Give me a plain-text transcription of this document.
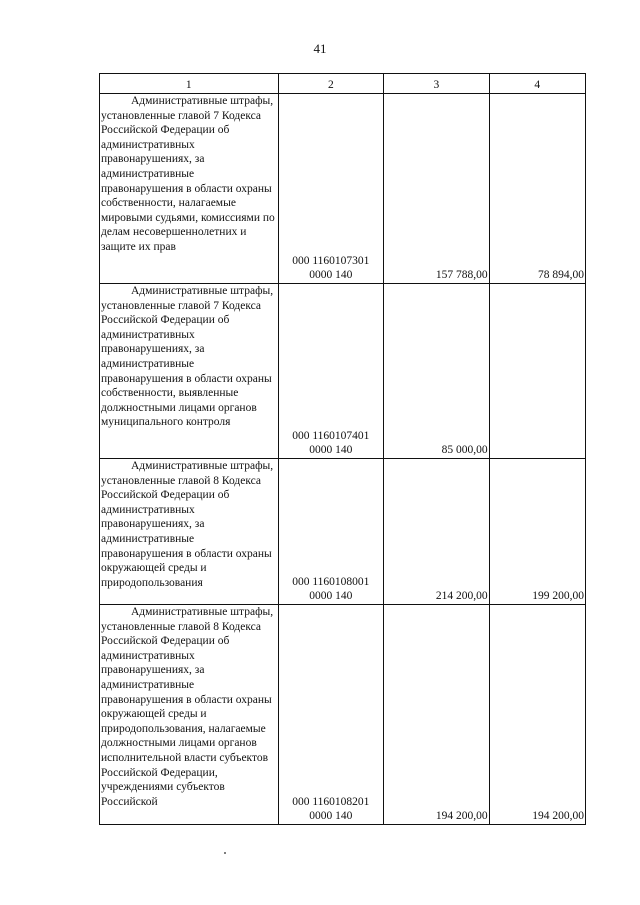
41
1	2	3	4
Административные штрафы, установленные главой 7 Кодекса Российской Федерации об административных правонарушениях, за административные правонарушения в области охраны собственности, налагаемые мировыми судьями, комиссиями по делам несовершеннолетних и защите их прав	000 1160107301
0000 140	157 788,00	78 894,00
Административные штрафы, установленные главой 7 Кодекса Российской Федерации об административных правонарушениях, за административные правонарушения в области охраны собственности, выявленные должностными лицами органов муниципального контроля	000 1160107401
0000 140	85 000,00	
Административные штрафы, установленные главой 8 Кодекса Российской Федерации об административных правонарушениях, за административные правонарушения в области охраны окружающей среды и природопользования	000 1160108001
0000 140	214 200,00	199 200,00
Административные штрафы, установленные главой 8 Кодекса Российской Федерации об административных правонарушениях, за административные правонарушения в области охраны окружающей среды и природопользования, налагаемые должностными лицами органов исполнительной власти субъектов Российской Федерации, учреждениями субъектов Российской	000 1160108201
0000 140	194 200,00	194 200,00
